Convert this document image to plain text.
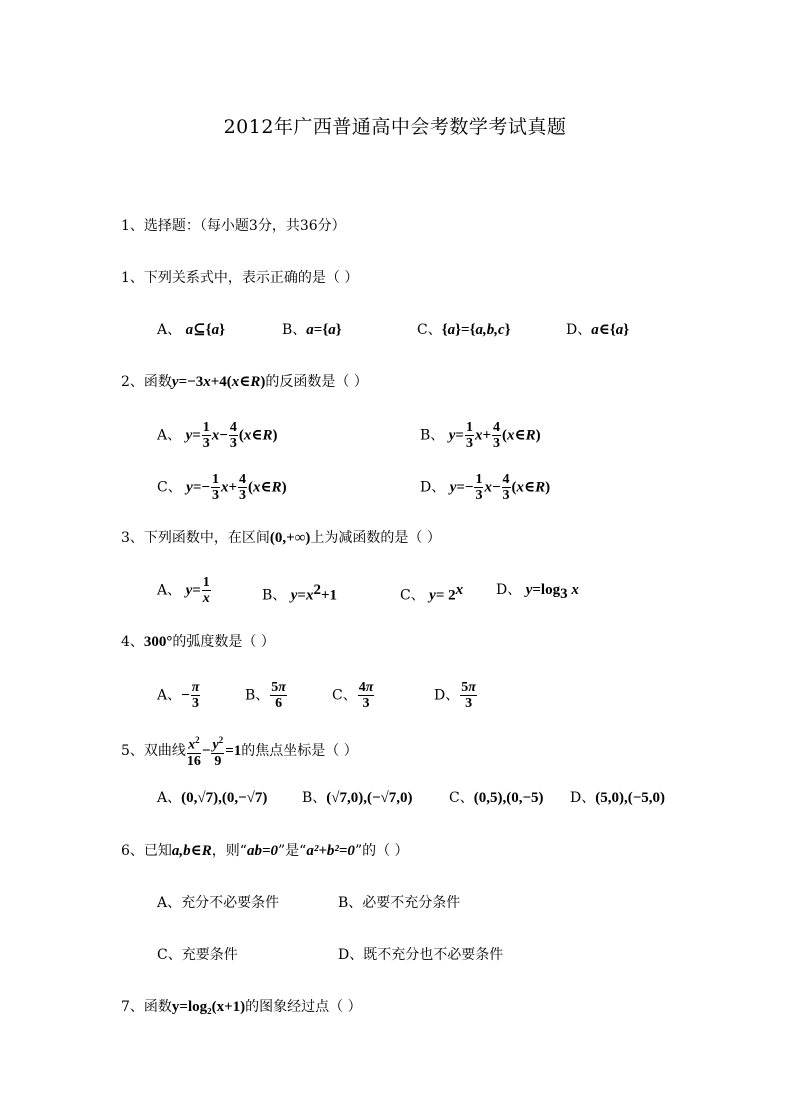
2012年广西普通高中会考数学考试真题
1、选择题：（每小题3分，共36分）
1、下列关系式中，表示正确的是（ ）
A、 a⊆{a}	B、a={a}	C、{a}={a,b,c}	D、a∈{a}
2、函数y=−3x+4(x∈R)的反函数是（ ）
A、 $y= \frac{1}{3} x- \frac{4}{3}$ (x∈R)	B、 $y= \frac{1}{3} x+ \frac{4}{3}$ (x∈R)
C、 $y=- \frac{1}{3} x+ \frac{4}{3}$ (x∈R)	D、 $y=- \frac{1}{3} x- \frac{4}{3}$ (x∈R)
3、下列函数中，在区间(0,+∞)上为减函数的是（ ）
A、 $y= \frac{1}{x}$	B、 $y=x^2+1$	C、 $y= 2^x$ D、 $y=\log_3$ x
4、300°的弧度数是（ ）
A、− $\frac{\pi}{3}$	B、 $\frac{5\pi}{6}$	C、 $\frac{4\pi}{3}$	D、 $\frac{5\pi}{3}$
5、双曲线 $\frac{x^2}{16} - \frac{y^2}{9} =1$的焦点坐标是（ ）
A、(0,√7),(0,−√7) B、(√7,0),(−√7,0)	C、(0,5),(0,−5) D、(5,0),(−5,0)
6、已知a,b∈R，则“ab=0”是“a²+b²=0”的（ ）
A、充分不必要条件	B、必要不充分条件
C、充要条件	D、既不充分也不必要条件
7、函数y=log₂(x+1)的图象经过点（ ）
